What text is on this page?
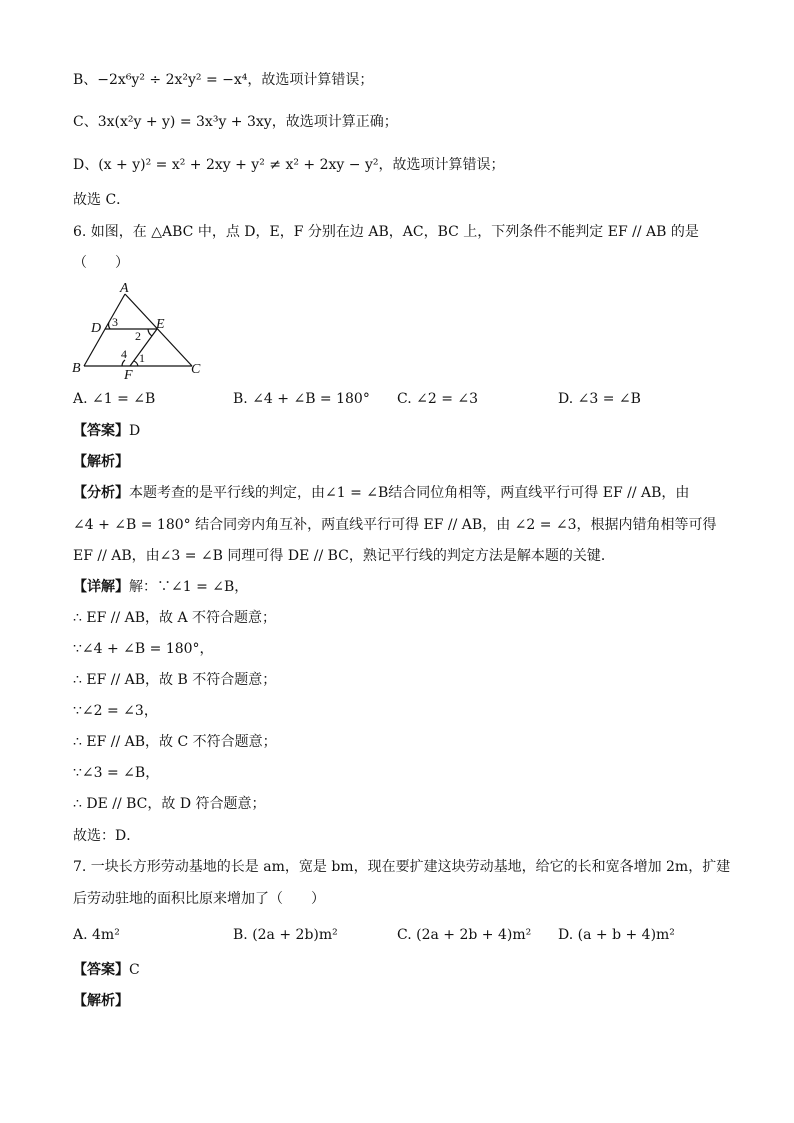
B、−2x⁶y² ÷ 2x²y² = −x⁴，故选项计算错误；
C、3x(x²y + y) = 3x³y + 3xy，故选项计算正确；
D、(x + y)² = x² + 2xy + y² ≠ x² + 2xy − y²，故选项计算错误；
故选 C．
6. 如图，在 △ABC 中，点 D，E，F 分别在边 AB，AC，BC 上，下列条件不能判定 EF // AB 的是
（　　）
A
D	E
B	C
F
3
2
4 1
A. ∠1 = ∠B	B. ∠4 + ∠B = 180° C. ∠2 = ∠3	D. ∠3 = ∠B
【答案】D
【解析】
【分析】本题考查的是平行线的判定，由∠1 = ∠B结合同位角相等，两直线平行可得 EF // AB，由
∠4 + ∠B = 180° 结合同旁内角互补，两直线平行可得 EF // AB，由 ∠2 = ∠3，根据内错角相等可得
EF // AB，由∠3 = ∠B 同理可得 DE // BC，熟记平行线的判定方法是解本题的关键．
【详解】解：∵∠1 = ∠B，
∴ EF // AB，故 A 不符合题意；
∵∠4 + ∠B = 180°，
∴ EF // AB，故 B 不符合题意；
∵∠2 = ∠3，
∴ EF // AB，故 C 不符合题意；
∵∠3 = ∠B，
∴ DE // BC，故 D 符合题意；
故选：D．
7. 一块长方形劳动基地的长是 am，宽是 bm，现在要扩建这块劳动基地，给它的长和宽各增加 2m，扩建
后劳动驻地的面积比原来增加了（　　）
A. 4m²	B. (2a + 2b)m²	C. (2a + 2b + 4)m² D. (a + b + 4)m²
【答案】C
【解析】
